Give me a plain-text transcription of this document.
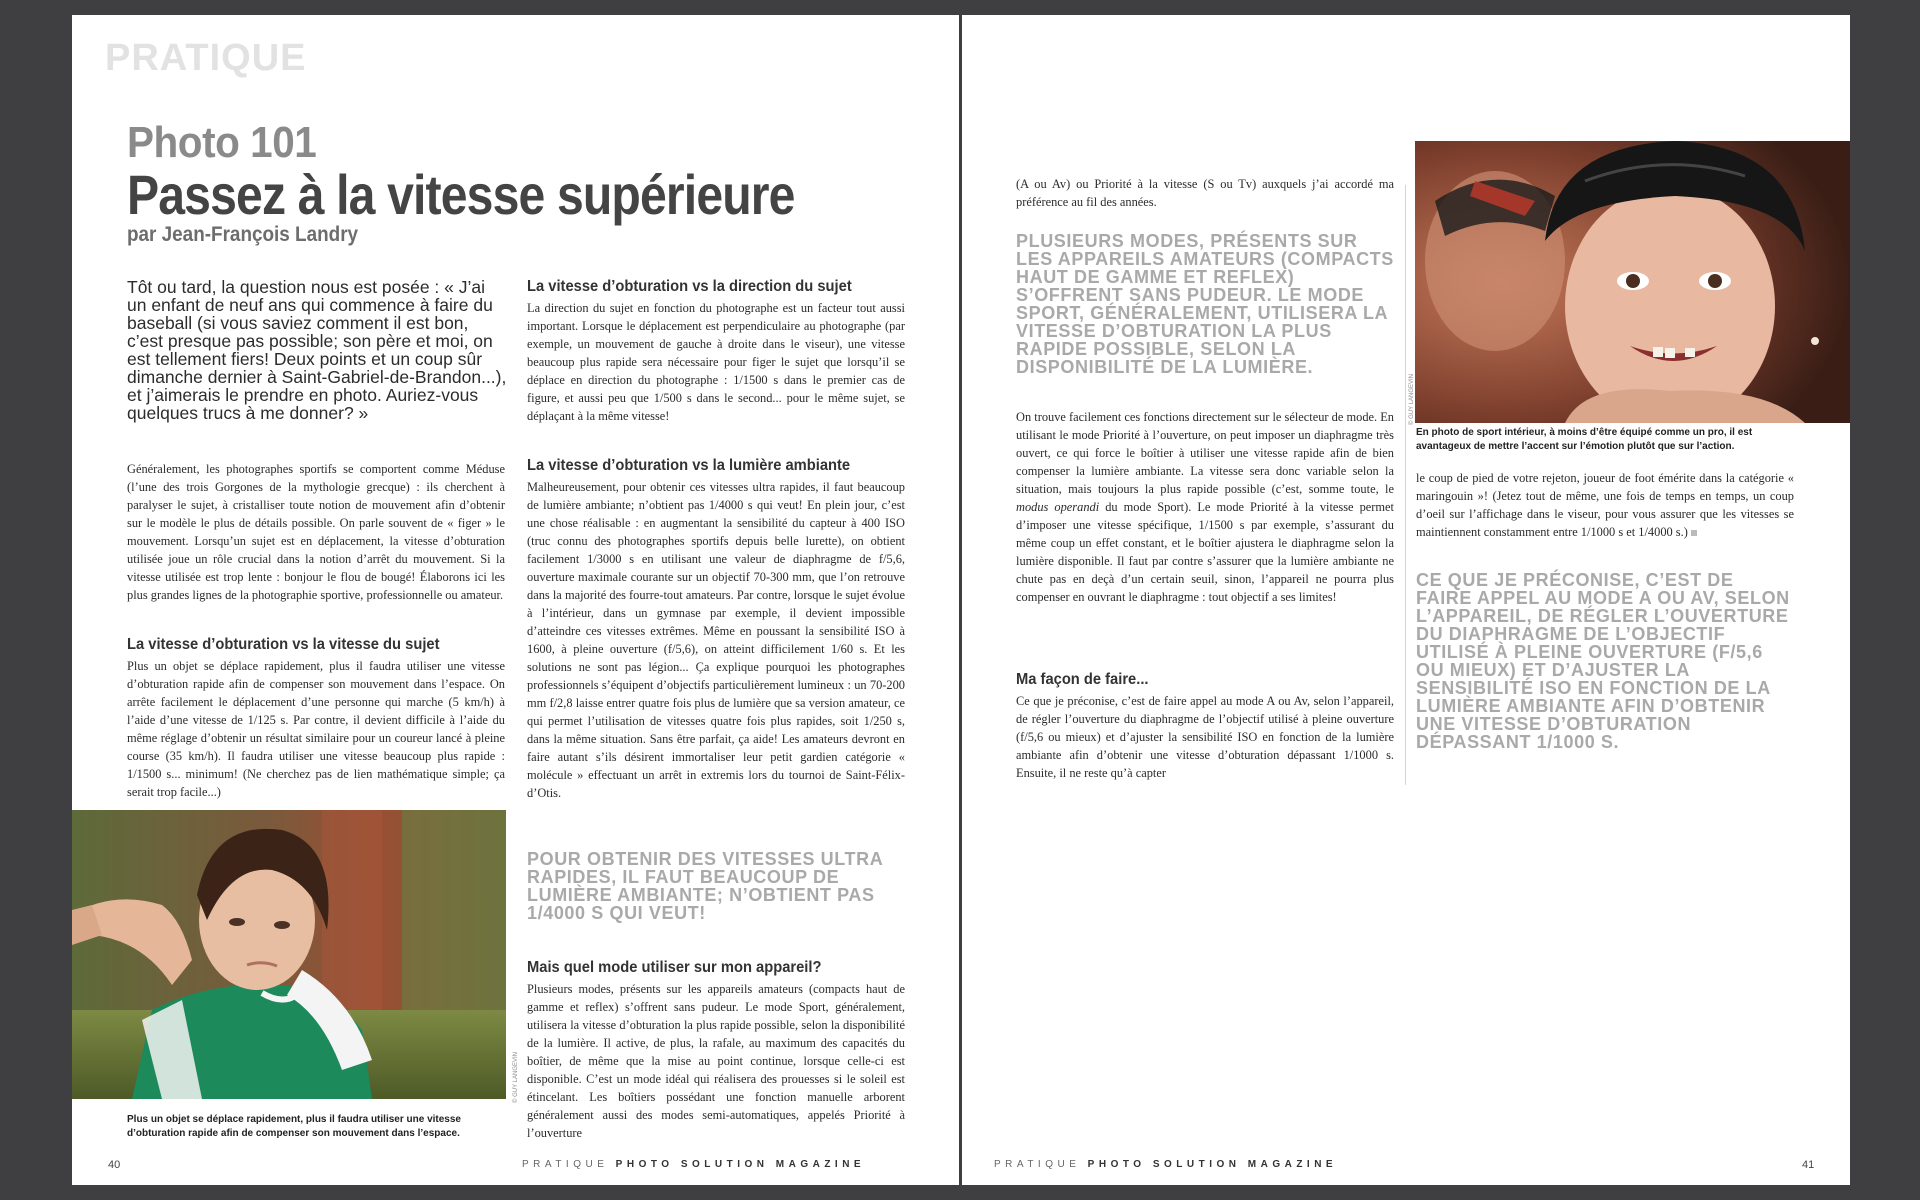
PRATIQUE
Photo 101
Passez à la vitesse supérieure
par Jean-François Landry
Tôt ou tard, la question nous est posée : « J’ai un enfant de neuf ans qui commence à faire du baseball (si vous saviez comment il est bon, c’est presque pas possible; son père et moi, on est tellement fiers! Deux points et un coup sûr dimanche dernier à Saint-Gabriel-de-Brandon...), et j’aimerais le prendre en photo. Auriez-vous quelques trucs à me donner? »
Généralement, les photographes sportifs se comportent comme Méduse (l’une des trois Gorgones de la mythologie grecque) : ils cherchent à paralyser le sujet, à cristalliser toute notion de mouvement afin d’obtenir sur le modèle le plus de détails possible. On parle souvent de « figer » le mouvement. Lorsqu’un sujet est en déplacement, la vitesse d’obturation utilisée joue un rôle crucial dans la notion d’arrêt du mouvement. Si la vitesse utilisée est trop lente : bonjour le flou de bougé! Élaborons ici les plus grandes lignes de la photographie sportive, professionnelle ou amateur.
La vitesse d’obturation vs la vitesse du sujet
Plus un objet se déplace rapidement, plus il faudra utiliser une vitesse d’obturation rapide afin de compenser son mouvement dans l’espace. On arrête facilement le déplacement d’une personne qui marche (5 km/h) à l’aide d’une vitesse de 1/125 s. Par contre, il devient difficile à l’aide du même réglage d’obtenir un résultat similaire pour un coureur lancé à pleine course (35 km/h). Il faudra utiliser une vitesse beaucoup plus rapide : 1/1500 s... minimum! (Ne cherchez pas de lien mathématique simple; ça serait trop facile...)
© GUY LANGEVIN
Plus un objet se déplace rapidement, plus il faudra utiliser une vitesse d’obturation rapide afin de compenser son mouvement dans l’espace.
La vitesse d’obturation vs la direction du sujet
La direction du sujet en fonction du photographe est un facteur tout aussi important. Lorsque le déplacement est perpendiculaire au photographe (par exemple, un mouvement de gauche à droite dans le viseur), une vitesse beaucoup plus rapide sera nécessaire pour figer le sujet que lorsqu’il se déplace en direction du photographe : 1/1500 s dans le premier cas de figure, et aussi peu que 1/500 s dans le second... pour le même sujet, se déplaçant à la même vitesse!
La vitesse d’obturation vs la lumière ambiante
Malheureusement, pour obtenir ces vitesses ultra rapides, il faut beaucoup de lumière ambiante; n’obtient pas 1/4000 s qui veut! En plein jour, c’est une chose réalisable : en augmentant la sensibilité du capteur à 400 ISO (truc connu des photographes sportifs depuis belle lurette), on obtient facilement 1/3000 s en utilisant une valeur de diaphragme de f/5,6, ouverture maximale courante sur un objectif 70-300 mm, que l’on retrouve dans la majorité des fourre-tout amateurs. Par contre, lorsque le sujet évolue à l’intérieur, dans un gymnase par exemple, il devient impossible d’atteindre ces vitesses extrêmes. Même en poussant la sensibilité ISO à 1600, à pleine ouverture (f/5,6), on atteint difficilement 1/60 s. Et les solutions ne sont pas légion... Ça explique pourquoi les photographes professionnels s’équipent d’objectifs particulièrement lumineux : un 70-200 mm f/2,8 laisse entrer quatre fois plus de lumière que sa version amateur, ce qui permet l’utilisation de vitesses quatre fois plus rapides, soit 1/250 s, dans la même situation. Sans être parfait, ça aide! Les amateurs devront en faire autant s’ils désirent immortaliser leur petit gardien catégorie « molécule » effectuant un arrêt in extremis lors du tournoi de Saint-Félix-d’Otis.
POUR OBTENIR DES VITESSES ULTRA RAPIDES, IL FAUT BEAUCOUP DE LUMIÈRE AMBIANTE; N’OBTIENT PAS 1/4000 S QUI VEUT!
Mais quel mode utiliser sur mon appareil?
Plusieurs modes, présents sur les appareils amateurs (compacts haut de gamme et reflex) s’offrent sans pudeur. Le mode Sport, généralement, utilisera la vitesse d’obturation la plus rapide possible, selon la disponibilité de la lumière. Il active, de plus, la rafale, au maximum des capacités du boîtier, de même que la mise au point continue, lorsque celle-ci est disponible. C’est un mode idéal qui réalisera des prouesses si le soleil est étincelant. Les boîtiers possédant une fonction manuelle arborent généralement aussi des modes semi-automatiques, appelés Priorité à l’ouverture
40	PRATIQUE PHOTO SOLUTION MAGAZINE
(A ou Av) ou Priorité à la vitesse (S ou Tv) auxquels j’ai accordé ma préférence au fil des années.
PLUSIEURS MODES, PRÉSENTS SUR LES APPAREILS AMATEURS (COMPACTS HAUT DE GAMME ET REFLEX) S’OFFRENT SANS PUDEUR. LE MODE SPORT, GÉNÉRALEMENT, UTILISERA LA VITESSE D’OBTURATION LA PLUS RAPIDE POSSIBLE, SELON LA DISPONIBILITÉ DE LA LUMIÈRE.
On trouve facilement ces fonctions directement sur le sélecteur de mode. En utilisant le mode Priorité à l’ouverture, on peut imposer un diaphragme très ouvert, ce qui force le boîtier à utiliser une vitesse rapide afin de bien compenser la lumière ambiante. La vitesse sera donc variable selon la situation, mais toujours la plus rapide possible (c’est, somme toute, le modus operandi du mode Sport). Le mode Priorité à la vitesse permet d’imposer une vitesse spécifique, 1/1500 s par exemple, s’assurant du même coup un effet constant, et le boîtier ajustera le diaphragme selon la lumière disponible. Il faut par contre s’assurer que la lumière ambiante ne chute pas en deçà d’un certain seuil, sinon, l’appareil ne pourra plus compenser en ouvrant le diaphragme : tout objectif a ses limites!
Ma façon de faire...
Ce que je préconise, c’est de faire appel au mode A ou Av, selon l’appareil, de régler l’ouverture du diaphragme de l’objectif utilisé à pleine ouverture (f/5,6 ou mieux) et d’ajuster la sensibilité ISO en fonction de la lumière ambiante afin d’obtenir une vitesse d’obturation dépassant 1/1000 s. Ensuite, il ne reste qu’à capter
© GUY LANGEVIN
En photo de sport intérieur, à moins d’être équipé comme un pro, il est avantageux de mettre l’accent sur l’émotion plutôt que sur l’action.
le coup de pied de votre rejeton, joueur de foot émérite dans la catégorie « maringouin »! (Jetez tout de même, une fois de temps en temps, un coup d’oeil sur l’affichage dans le viseur, pour vous assurer que les vitesses se maintiennent constamment entre 1/1000 s et 1/4000 s.)
CE QUE JE PRÉCONISE, C’EST DE FAIRE APPEL AU MODE A OU AV, SELON L’APPAREIL, DE RÉGLER L’OUVERTURE DU DIAPHRAGME DE L’OBJECTIF UTILISÉ À PLEINE OUVERTURE (F/5,6 OU MIEUX) ET D’AJUSTER LA SENSIBILITÉ ISO EN FONCTION DE LA LUMIÈRE AMBIANTE AFIN D’OBTENIR UNE VITESSE D’OBTURATION DÉPASSANT 1/1000 S.
PRATIQUE PHOTO SOLUTION MAGAZINE	41
